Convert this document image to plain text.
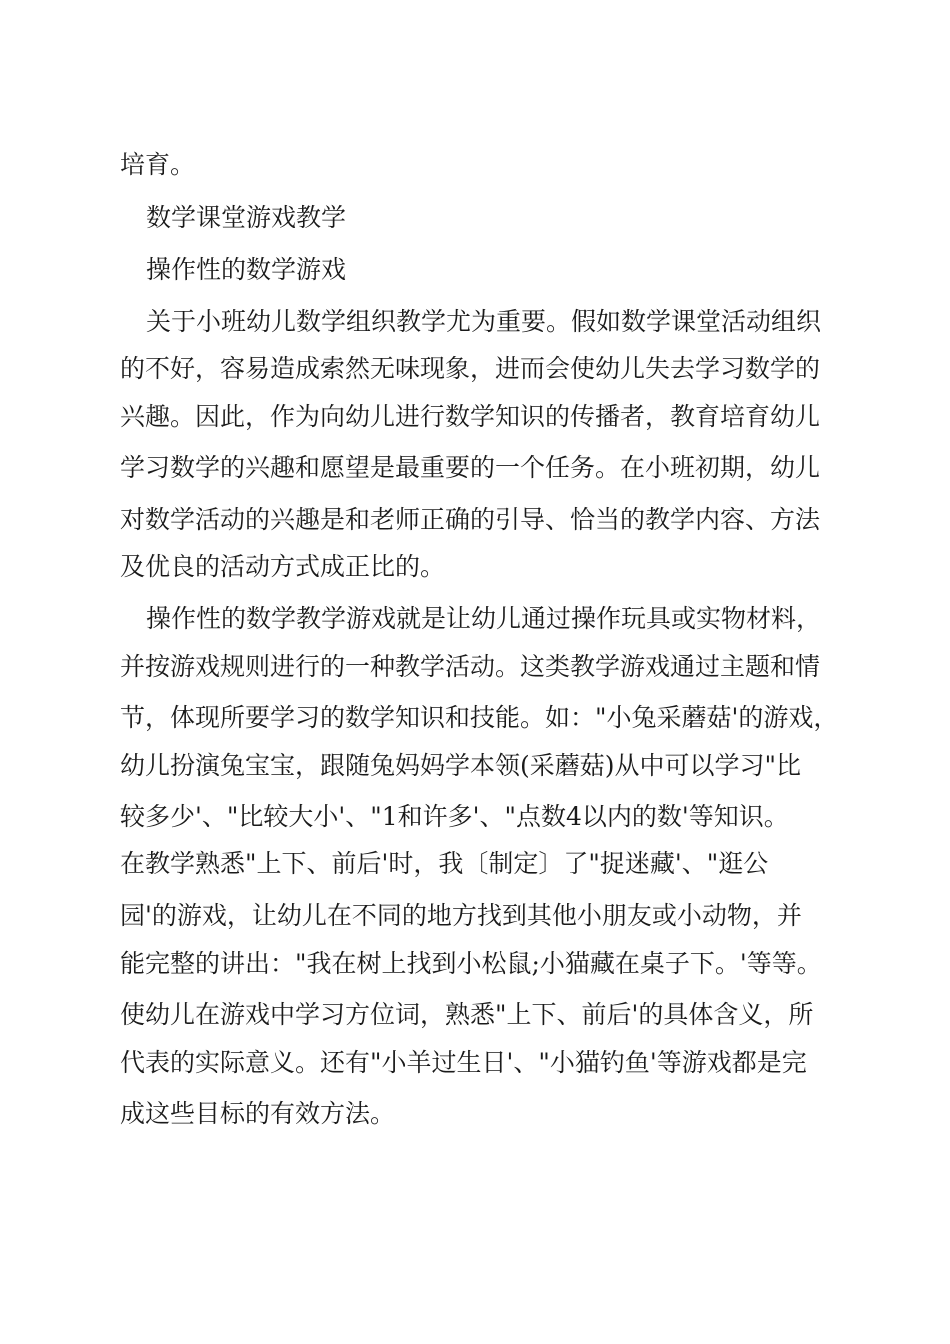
培育。
数学课堂游戏教学
操作性的数学游戏
关于小班幼儿数学组织教学尤为重要。假如数学课堂活动组织
的不好，容易造成索然无味现象，进而会使幼儿失去学习数学的
兴趣。因此，作为向幼儿进行数学知识的传播者，教育培育幼儿
学习数学的兴趣和愿望是最重要的一个任务。在小班初期，幼儿
对数学活动的兴趣是和老师正确的引导、恰当的教学内容、方法
及优良的活动方式成正比的。
操作性的数学教学游戏就是让幼儿通过操作玩具或实物材料，
并按游戏规则进行的一种教学活动。这类教学游戏通过主题和情
节，体现所要学习的数学知识和技能。如："小兔采蘑菇'的游戏，
幼儿扮演兔宝宝，跟随兔妈妈学本领(采蘑菇)从中可以学习"比
较多少'、"比较大小'、"1和许多'、"点数4以内的数'等知识。
在教学熟悉"上下、前后'时，我〔制定〕了"捉迷藏'、"逛公
园'的游戏，让幼儿在不同的地方找到其他小朋友或小动物，并
能完整的讲出："我在树上找到小松鼠;小猫藏在桌子下。'等等。
使幼儿在游戏中学习方位词，熟悉"上下、前后'的具体含义，所
代表的实际意义。还有"小羊过生日'、"小猫钓鱼'等游戏都是完
成这些目标的有效方法。
